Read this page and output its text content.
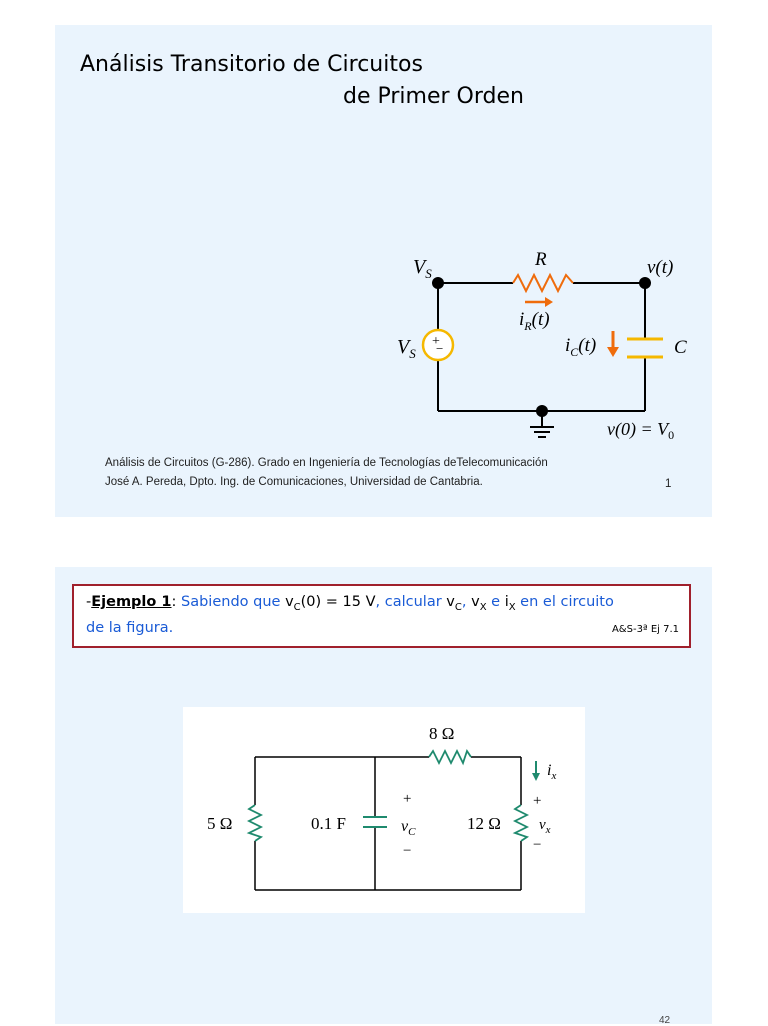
Análisis Transitorio de Circuitos
de Primer Orden
+
−
$V_S$
R	v(t)
$i_R(t)$
$V_S$	$i_C(t)$	C
$v(0) = V_0$
Análisis de Circuitos (G-286). Grado en Ingeniería de Tecnologías deTelecomunicación
José A. Pereda, Dpto. Ing. de Comunicaciones, Universidad de Cantabria.	1
-Ejemplo 1: Sabiendo que $v_C(0) = 15$ V, calcular $v_C$, $v_X$ e $i_X$ en el circuito
de la figura.	A&S-3ª Ej 7.1
8 Ω
5 Ω	0.1 F	12 Ω
+
$v_C$
−
+
$v_x$
−
$i_x$
42
